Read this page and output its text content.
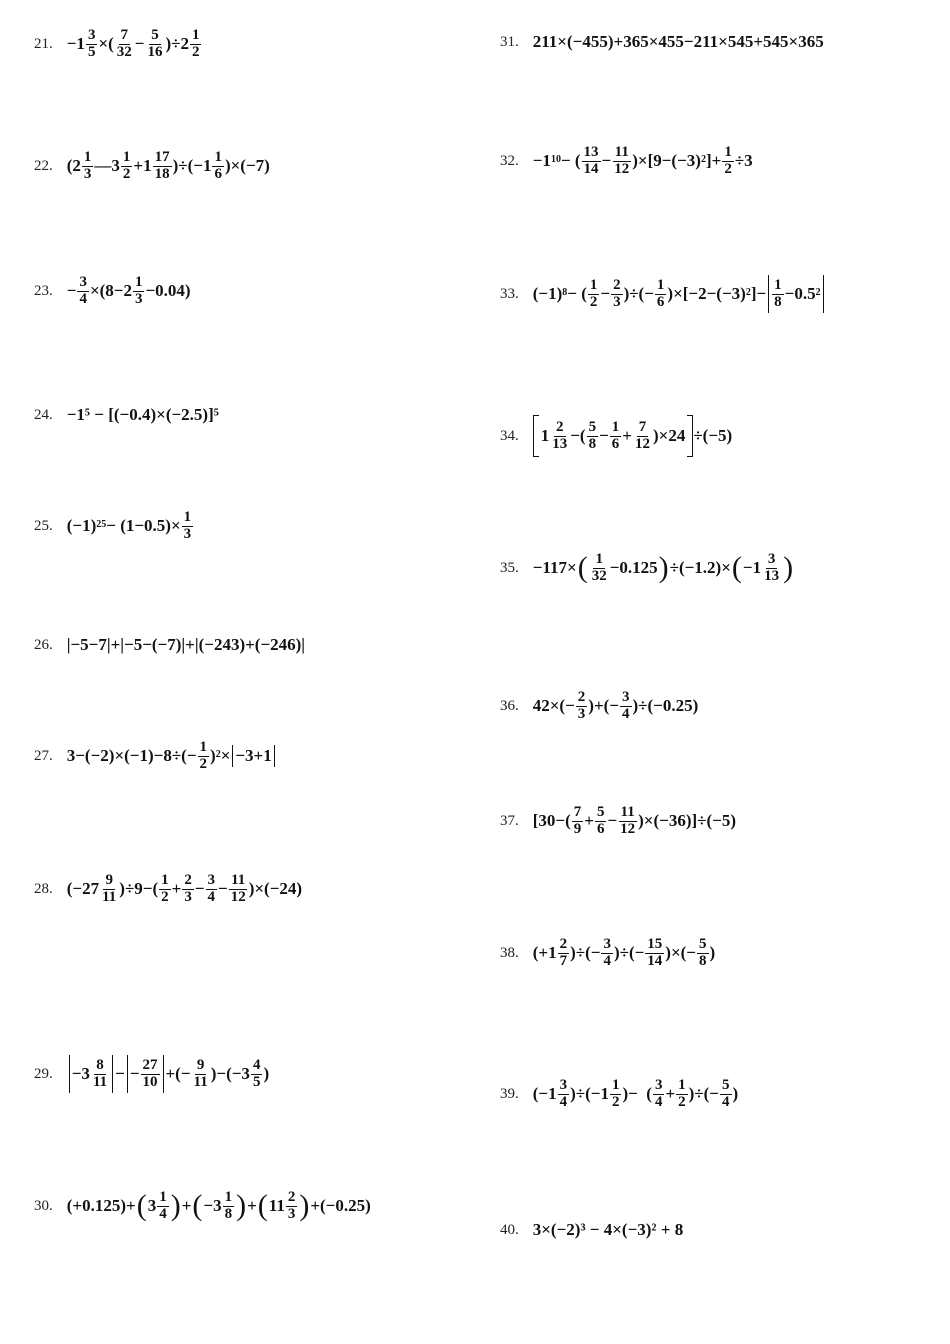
21. $-1 \frac{3}{5}$ ×( $\frac{7}{32} - \frac{5}{16} )\div 2 \frac{1}{2}$	31. 211×(−455)+365×455−211×545+545×365
22. ($2 \frac{1}{3}$ —3 $\frac{1}{2} +1 \frac{17}{18} )\div(-1 \frac{1}{6} )\times(-7)$	32. $-1^{10}$ − ( $\frac{13}{14} - \frac{11}{12} )\times[9-(-3)^2$ ]+ $\frac{1}{2} \div 3$
23. − $\frac{3}{4} \times(8-2 \frac{1}{3} -0.04)$	33. $(-1)^8$ − ( $\frac{1}{2} - \frac{2}{3}$ )÷(− $\frac{1}{6} )\times[-2-(-3)^2$ ]− $\frac{1}{8} -0.5^2$
24. −1⁵ − [(−0.4)×(−2.5)]⁵
34.	$1 \frac{2}{13}$ −( $\frac{5}{8} - \frac{1}{6} + \frac{7}{12} )\times 24 \div(-5)$
25. $(-1)^{25} - (1-0.5)\times \frac{1}{3}$
35. −117× ( $\frac{1}{32} -0.125$ ) ÷(−1.2)× ( $-1 \frac{3}{13}$ )
26. |−5−7|+|−5−(−7)|+|(−243)+(−246)|
36. $42\times(- \frac{2}{3}$ )+(− $\frac{3}{4} )\div(-0.25)$
27. $3-(-2)\times(-1)-8\div(- \frac{1}{2} )^2 \times -3+1$
37. $[30-( \frac{7}{9} + \frac{5}{6} - \frac{11}{12} )\times(-36)]\div(-5)$
28. $(-27 \frac{9}{11} )\div 9-( \frac{1}{2} + \frac{2}{3} - \frac{3}{4} - \frac{11}{12} )\times(-24)$
38. ($+1 \frac{2}{7}$ )÷(− $\frac{3}{4}$ )÷(− $\frac{15}{14}$ )×(− $\frac{5}{8}$ )
29. $-3 \frac{8}{11}$ − − $\frac{27}{10}$ +(− $\frac{9}{11} )-(-3 \frac{4}{5}$ )
39. $(-1 \frac{3}{4} )\div(-1 \frac{1}{2}$ )−  ( $\frac{3}{4} + \frac{1}{2}$ )÷(− $\frac{5}{4}$ )
30. (+0.125)+ ( $3 \frac{1}{4}$ ) + ( $-3 \frac{1}{8}$ ) + ( $11 \frac{2}{3}$ ) +(−0.25)
40. 3×(−2)³ − 4×(−3)² + 8
